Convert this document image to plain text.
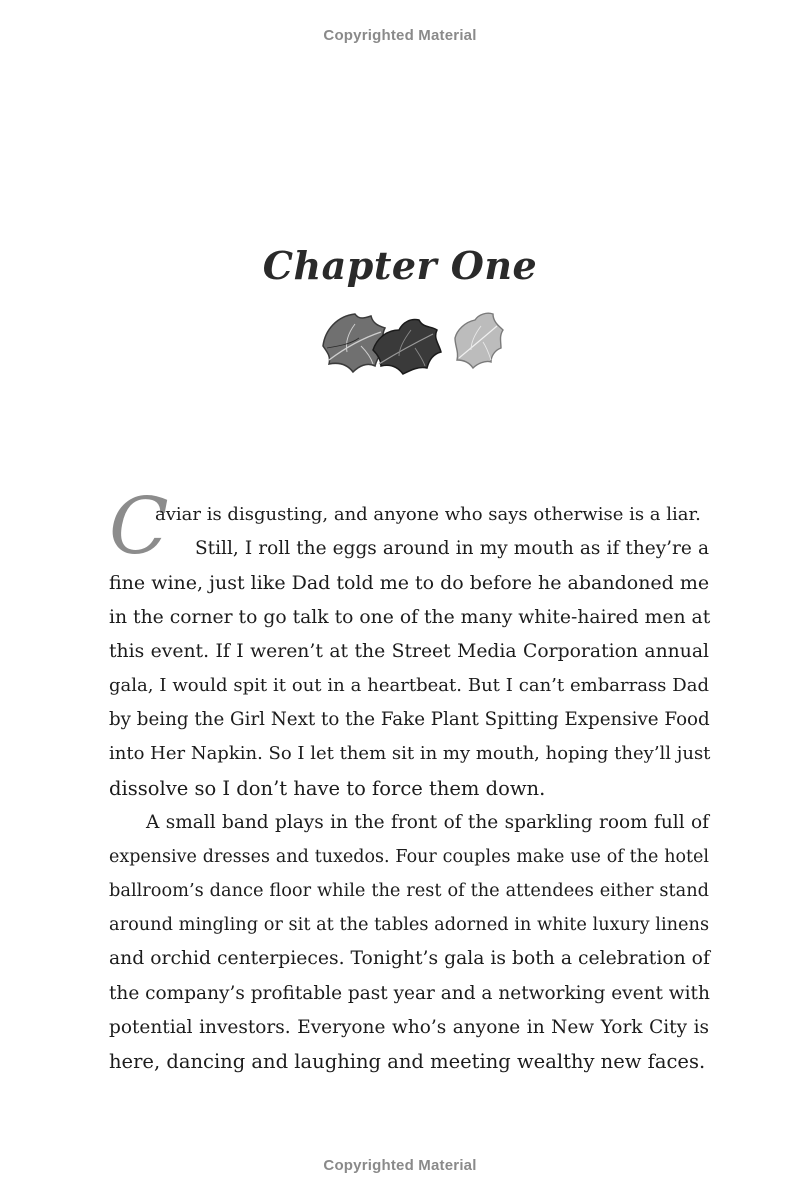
Copyrighted Material
Chapter One
C
aviar is disgusting, and anyone who says otherwise is a liar.

Still, I roll the eggs around in my mouth as if they’re a
fine wine, just like Dad told me to do before he abandoned me
in the corner to go talk to one of the many white-haired men at
this event. If I weren’t at the Street Media Corporation annual
gala, I would spit it out in a heartbeat. But I can’t embarrass Dad
by being the Girl Next to the Fake Plant Spitting Expensive Food
into Her Napkin. So I let them sit in my mouth, hoping they’ll just
dissolve so I don’t have to force them down.

A small band plays in the front of the sparkling room full of
expensive dresses and tuxedos. Four couples make use of the hotel
ballroom’s dance floor while the rest of the attendees either stand
around mingling or sit at the tables adorned in white luxury linens
and orchid centerpieces. Tonight’s gala is both a celebration of
the company’s profitable past year and a networking event with
potential investors. Everyone who’s anyone in New York City is
here, dancing and laughing and meeting wealthy new faces.

Copyrighted Material
